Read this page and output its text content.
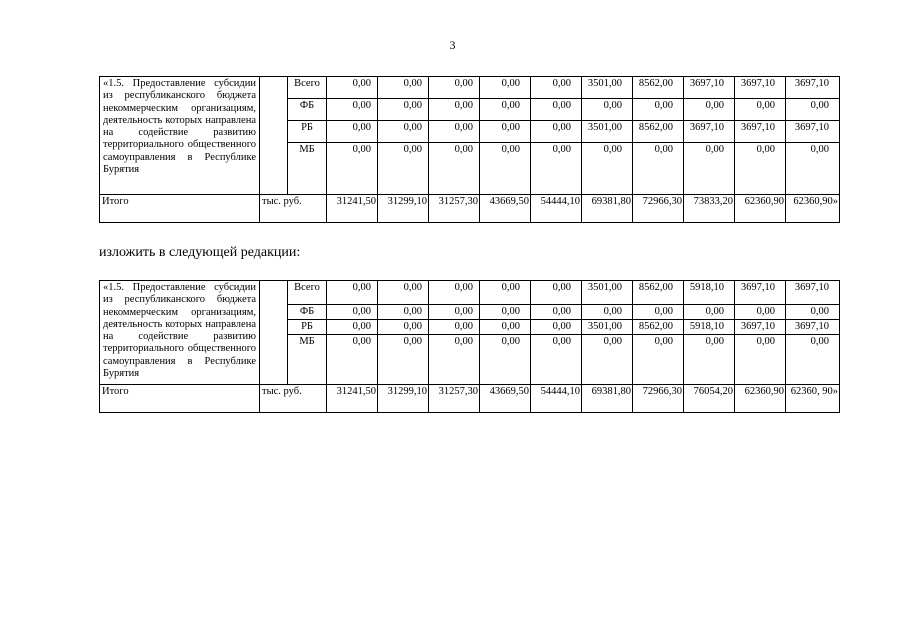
3
«1.5. Предоставление субсидии из республиканского бюджета некоммерческим организациям, деятельность которых направлена на содействие развитию территориального общественного самоуправления в Республике Бурятия		Всего	0,00	0,00	0,00	0,00	0,00	3501,00	8562,00	3697,10	3697,10	3697,10
		ФБ	0,00	0,00	0,00	0,00	0,00	0,00	0,00	0,00	0,00	0,00
		РБ	0,00	0,00	0,00	0,00	0,00	3501,00	8562,00	3697,10	3697,10	3697,10
		МБ	0,00	0,00	0,00	0,00	0,00	0,00	0,00	0,00	0,00	0,00
Итого	тыс. руб.		31241,50	31299,10	31257,30	43669,50	54444,10	69381,80	72966,30	73833,20	62360,90	62360,90»
изложить в следующей редакции:
«1.5. Предоставление субсидии из республиканского бюджета некоммерческим организациям, деятельность которых направлена на содействие развитию территориального общественного самоуправления в Республике Бурятия		Всего	0,00	0,00	0,00	0,00	0,00	3501,00	8562,00	5918,10	3697,10	3697,10
		ФБ	0,00	0,00	0,00	0,00	0,00	0,00	0,00	0,00	0,00	0,00
		РБ	0,00	0,00	0,00	0,00	0,00	3501,00	8562,00	5918,10	3697,10	3697,10
		МБ	0,00	0,00	0,00	0,00	0,00	0,00	0,00	0,00	0,00	0,00
Итого	тыс. руб.		31241,50	31299,10	31257,30	43669,50	54444,10	69381,80	72966,30	76054,20	62360,90	62360, 90»
